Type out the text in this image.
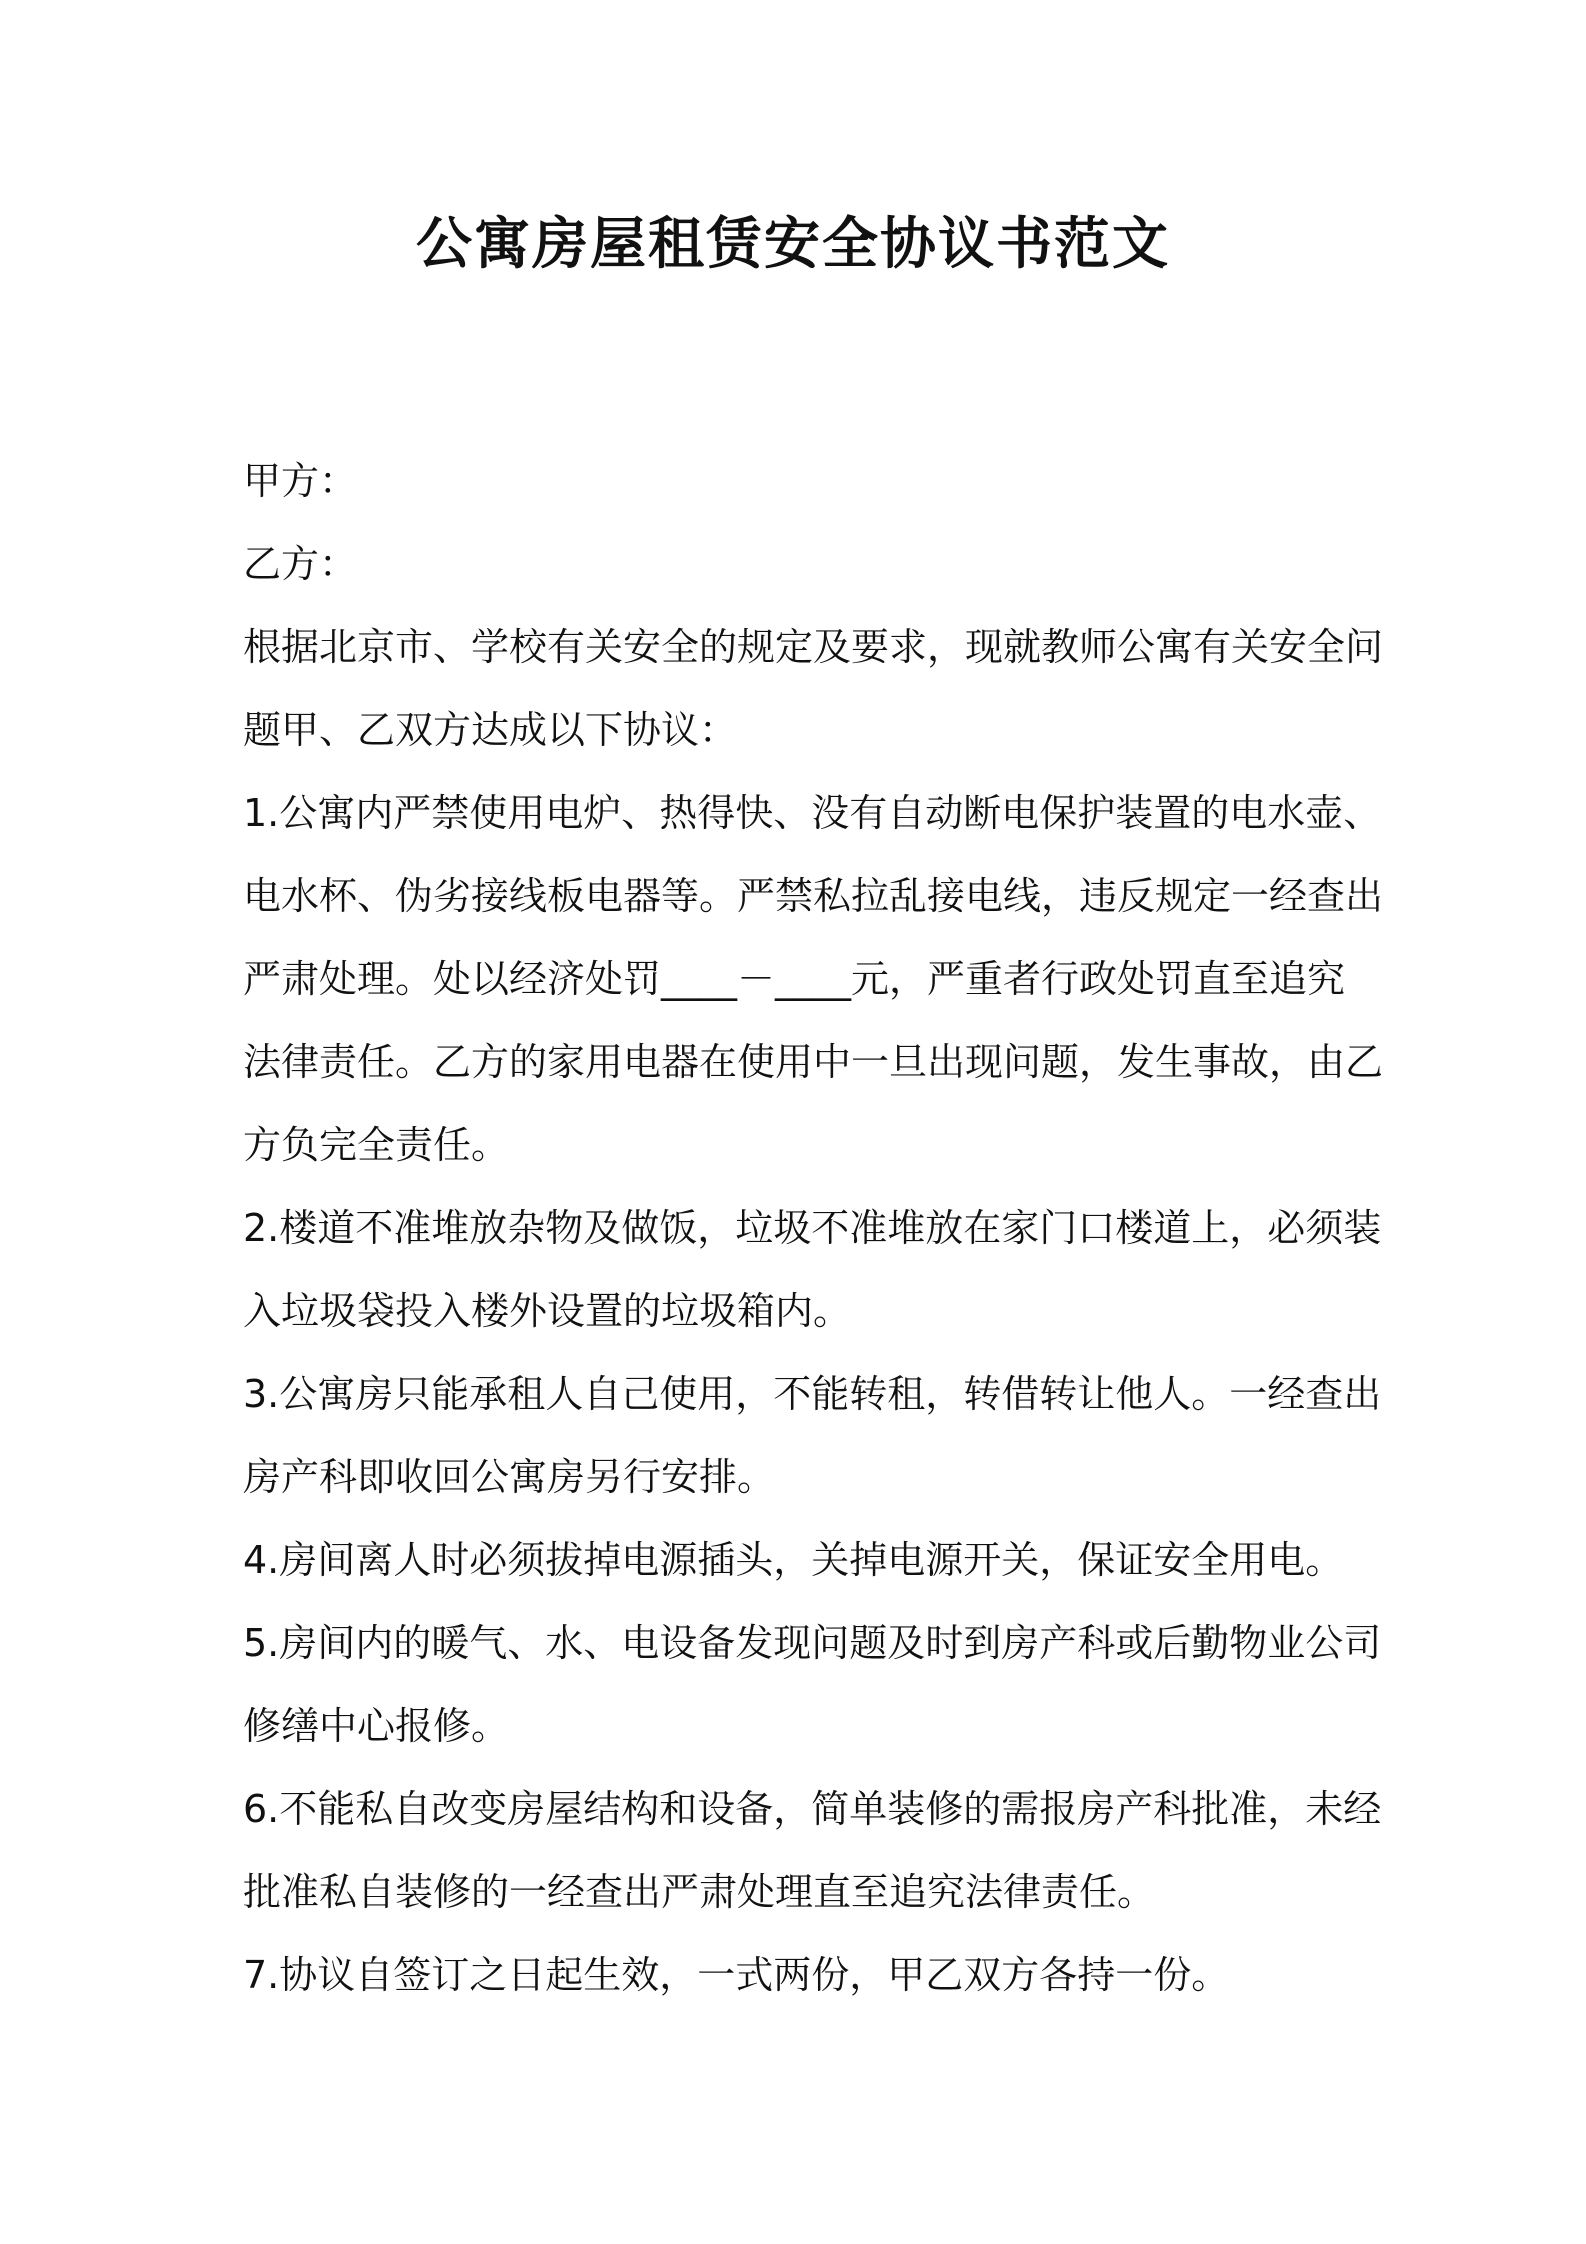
公寓房屋租赁安全协议书范文

甲方：

乙方：

根据北京市、学校有关安全的规定及要求，现就教师公寓有关安全问
题甲、乙双方达成以下协议：

1.公寓内严禁使用电炉、热得快、没有自动断电保护装置的电水壶、
电水杯、伪劣接线板电器等。严禁私拉乱接电线，违反规定一经查出
严肃处理。处以经济处罚____－____元，严重者行政处罚直至追究
法律责任。乙方的家用电器在使用中一旦出现问题，发生事故，由乙
方负完全责任。

2.楼道不准堆放杂物及做饭，垃圾不准堆放在家门口楼道上，必须装
入垃圾袋投入楼外设置的垃圾箱内。

3.公寓房只能承租人自己使用，不能转租，转借转让他人。一经查出
房产科即收回公寓房另行安排。

4.房间离人时必须拔掉电源插头，关掉电源开关，保证安全用电。

5.房间内的暖气、水、电设备发现问题及时到房产科或后勤物业公司
修缮中心报修。

6.不能私自改变房屋结构和设备，简单装修的需报房产科批准，未经
批准私自装修的一经查出严肃处理直至追究法律责任。

7.协议自签订之日起生效，一式两份，甲乙双方各持一份。
